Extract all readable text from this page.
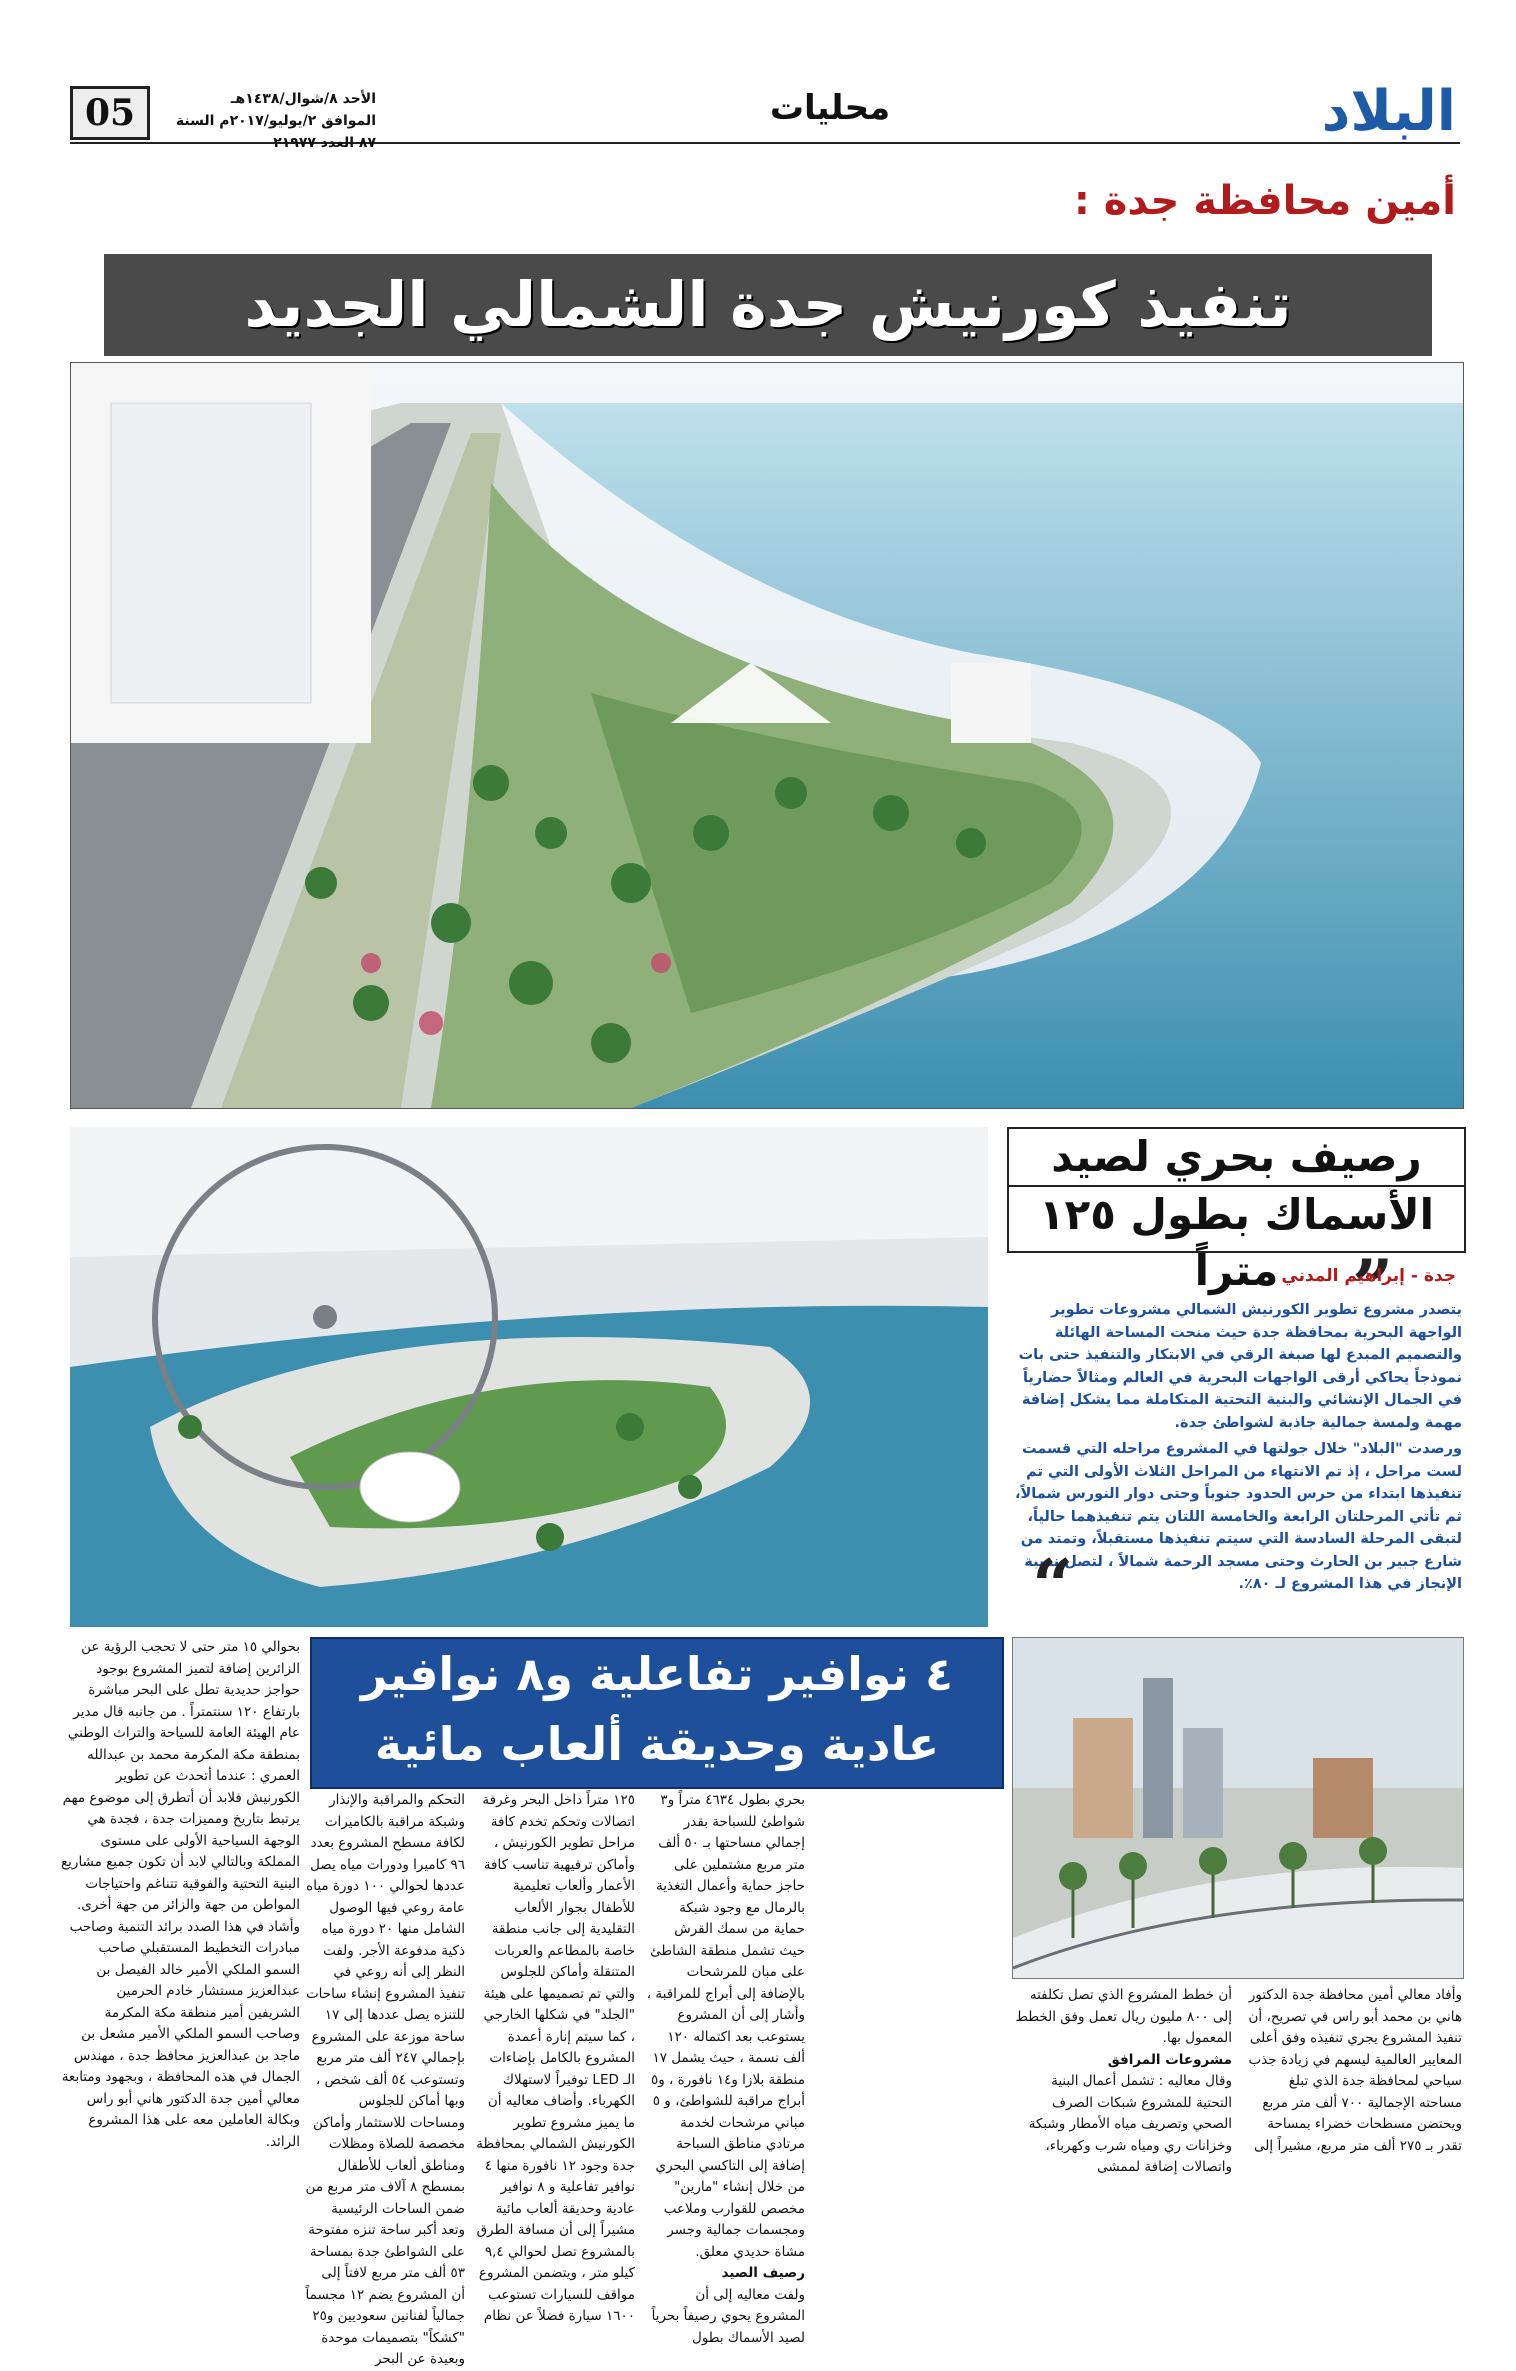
البلاد
محليات
05	الأحد ٨/شوال/١٤٣٨هـ
الموافق ٢/يوليو/٢٠١٧م السنة ٨٧ العدد ٢١٩٧٧
أمين محافظة جدة :
تنفيذ كورنيش جدة الشمالي الجديد
رصيف بحري لصيد
الأسماك بطول ١٢٥ متراً	”
جدة - إبراهيم المدني

يتصدر مشروع تطوير الكورنيش الشمالي مشروعات تطوير الواجهة البحرية بمحافظة جدة حيث منحت المساحة الهائلة والتصميم المبدع لها صبغة الرقي في الابتكار والتنفيذ حتى بات نموذجاً يحاكي أرقى الواجهات البحرية في العالم ومثالاً حضارياً في الجمال الإنشائي والبنية التحتية المتكاملة مما يشكل إضافة مهمة ولمسة جمالية جاذبة لشواطئ جدة.

ورصدت "البلاد" خلال جولتها في المشروع مراحله التي قسمت لست مراحل ، إذ تم الانتهاء من المراحل الثلاث الأولى التي تم تنفيذها ابتداء من حرس الحدود جنوباً وحتى دوار النورس شمالاً، ثم تأتي المرحلتان الرابعة والخامسة اللتان يتم تنفيذهما حالياً، لتبقى المرحلة السادسة التي سيتم تنفيذها مستقبلاً، وتمتد من شارع جبير بن الحارث وحتى مسجد الرحمة شمالاً ، لتصل نسبة الإنجاز في هذا المشروع لـ ٨٠٪.

“
٤ نوافير تفاعلية و٨ نوافير
عادية وحديقة ألعاب مائية

بحوالي ١٥ متر حتى لا تحجب الرؤية عن الزائرين إضافة لتميز المشروع بوجود حواجز حديدية تطل على البحر مباشرة بارتفاع ١٢٠ سنتمتراً . من جانبه قال مدير عام الهيئة العامة للسياحة والتراث الوطني بمنطقة مكة المكرمة محمد بن عبدالله العمري : عندما أتحدث عن تطوير الكورنيش فلابد أن أتطرق إلى موضوع مهم يرتبط بتاريخ ومميزات جدة ، فجدة هي الوجهة السياحية الأولى على مستوى المملكة وبالتالي لابد أن تكون جميع مشاريع البنية التحتية والفوقية تتناغم واحتياجات المواطن من جهة والزائر من جهة أخرى. وأشاد في هذا الصدد برائد التنمية وصاحب مبادرات التخطيط المستقبلي صاحب السمو الملكي الأمير خالد الفيصل بن عبدالعزيز مستشار خادم الحرمين الشريفين أمير منطقة مكة المكرمة وصاحب السمو الملكي الأمير مشعل بن ماجد بن عبدالعزيز محافظ جدة ، مهندس الجمال في هذه المحافظة ، وبجهود ومتابعة معالي أمين جدة الدكتور هاني أبو راس وبكالة العاملين معه على هذا المشروع الرائد.

التحكم والمراقبة والإنذار وشبكة مراقبة بالكاميرات لكافة مسطح المشروع بعدد ٩٦ كاميرا ودورات مياه يصل عددها لحوالي ١٠٠ دورة مياه عامة روعي فيها الوصول الشامل منها ٢٠ دورة مياه ذكية مدفوعة الأجر. ولفت النظر إلى أنه روعي في تنفيذ المشروع إنشاء ساحات للتنزه يصل عددها إلى ١٧ ساحة موزعة على المشروع بإجمالي ٢٤٧ ألف متر مربع وتستوعب ٥٤ ألف شخص ، وبها أماكن للجلوس ومساحات للاستثمار وأماكن مخصصة للصلاة ومظلات ومناطق ألعاب للأطفال بمسطح ٨ آلاف متر مربع من ضمن الساحات الرئيسية وتعد أكبر ساحة تنزه مفتوحة على الشواطئ جدة بمساحة ٥٣ ألف متر مربع لافتاً إلى أن المشروع يضم ١٢ مجسماً جمالياً لفنانين سعوديين و٢٥ "كشكاً" بتصميمات موحدة وبعيدة عن البحر

١٢٥ متراً داخل البحر وغرفة اتصالات وتحكم تخدم كافة مراحل تطوير الكورنيش ، وأماكن ترفيهية تناسب كافة الأعمار وألعاب تعليمية للأطفال بجوار الألعاب التقليدية إلى جانب منطقة خاصة بالمطاعم والعربات المتنقلة وأماكن للجلوس والتي تم تصميمها على هيئة "الجلد" في شكلها الخارجي ، كما سيتم إنارة أعمدة المشروع بالكامل بإضاءات الـ LED توفيراً لاستهلاك الكهرباء. وأضاف معاليه أن ما يميز مشروع تطوير الكورنيش الشمالي بمحافظة جدة وجود ١٢ نافورة منها ٤ نوافير تفاعلية و ٨ نوافير عادية وحديقة ألعاب مائية مشيراً إلى أن مسافة الطرق بالمشروع تصل لحوالي ٩,٤ كيلو متر ، ويتضمن المشروع مواقف للسيارات تستوعب ١٦٠٠ سيارة فضلاً عن نظام

بحري بطول ٤٦٣٤ متراً و٣ شواطئ للسباحة بقدر إجمالي مساحتها بـ ٥٠ ألف متر مربع مشتملين على حاجز حماية وأعمال التغذية بالرمال مع وجود شبكة حماية من سمك القرش حيث تشمل منطقة الشاطئ على مبان للمرشحات بالإضافة إلى أبراج للمراقبة ، وأشار إلى أن المشروع يستوعب بعد اكتماله ١٢٠ ألف نسمة ، حيث يشمل ١٧ منطقة بلازا و١٤ نافورة ، و٥ أبراج مراقبة للشواطئ، و ٥ مباني مرشحات لخدمة مرتادي مناطق السباحة إضافة إلى التاكسي البحري من خلال إنشاء "مارين" مخصص للقوارب وملاعب ومجسمات جمالية وجسر مشاة حديدي معلق.

رصيف الصيد

ولفت معاليه إلى أن المشروع يحوي رصيفاً بحرياً لصيد الأسماك بطول

أن خطط المشروع الذي تصل تكلفته إلى ٨٠٠ مليون ريال تعمل وفق الخطط المعمول بها.

مشروعات المرافق

وقال معاليه : تشمل أعمال البنية التحتية للمشروع شبكات الصرف الصحي وتصريف مياه الأمطار وشبكة وخزانات ري ومياه شرب وكهرباء، واتصالات إضافة لممشى

وأفاد معالي أمين محافظة جدة الدكتور هاني بن محمد أبو راس في تصريح، أن تنفيذ المشروع يجري تنفيذه وفق أعلى المعايير العالمية ليسهم في زيادة جذب سياحي لمحافظة جدة الذي تبلغ مساحته الإجمالية ٧٠٠ ألف متر مربع ويحتضن مسطحات خضراء بمساحة تقدر بـ ٢٧٥ ألف متر مربع، مشيراً إلى
